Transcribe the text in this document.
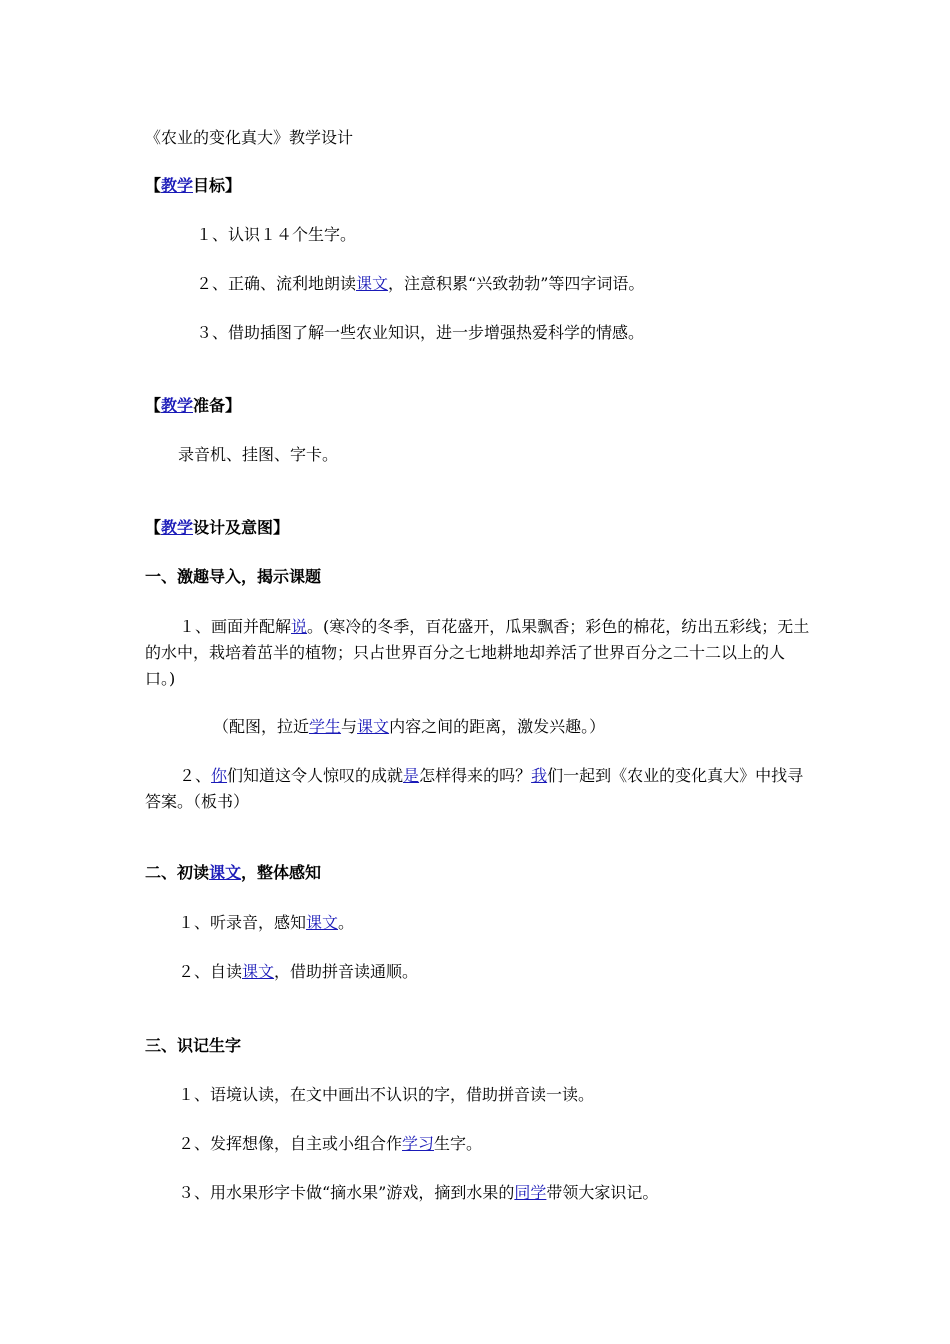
《农业的变化真大》教学设计
【教学目标】
１、认识１４个生字。
２、正确、流利地朗读课文，注意积累“兴致勃勃”等四字词语。
３、借助插图了解一些农业知识，进一步增强热爱科学的情感。
【教学准备】
录音机、挂图、字卡。
【教学设计及意图】
一、激趣导入，揭示课题
１、画面并配解说。(寒冷的冬季，百花盛开，瓜果飘香；彩色的棉花，纺出五彩线；无土的水中，栽培着茁半的植物；只占世界百分之七地耕地却养活了世界百分之二十二以上的人口。)
（配图，拉近学生与课文内容之间的距离，激发兴趣。）
２、你们知道这令人惊叹的成就是怎样得来的吗？我们一起到《农业的变化真大》中找寻答案。（板书）
二、初读课文，整体感知
１、听录音，感知课文。
２、自读课文，借助拼音读通顺。
三、识记生字
１、语境认读，在文中画出不认识的字，借助拼音读一读。
２、发挥想像，自主或小组合作学习生字。
３、用水果形字卡做“摘水果”游戏，摘到水果的同学带领大家识记。
